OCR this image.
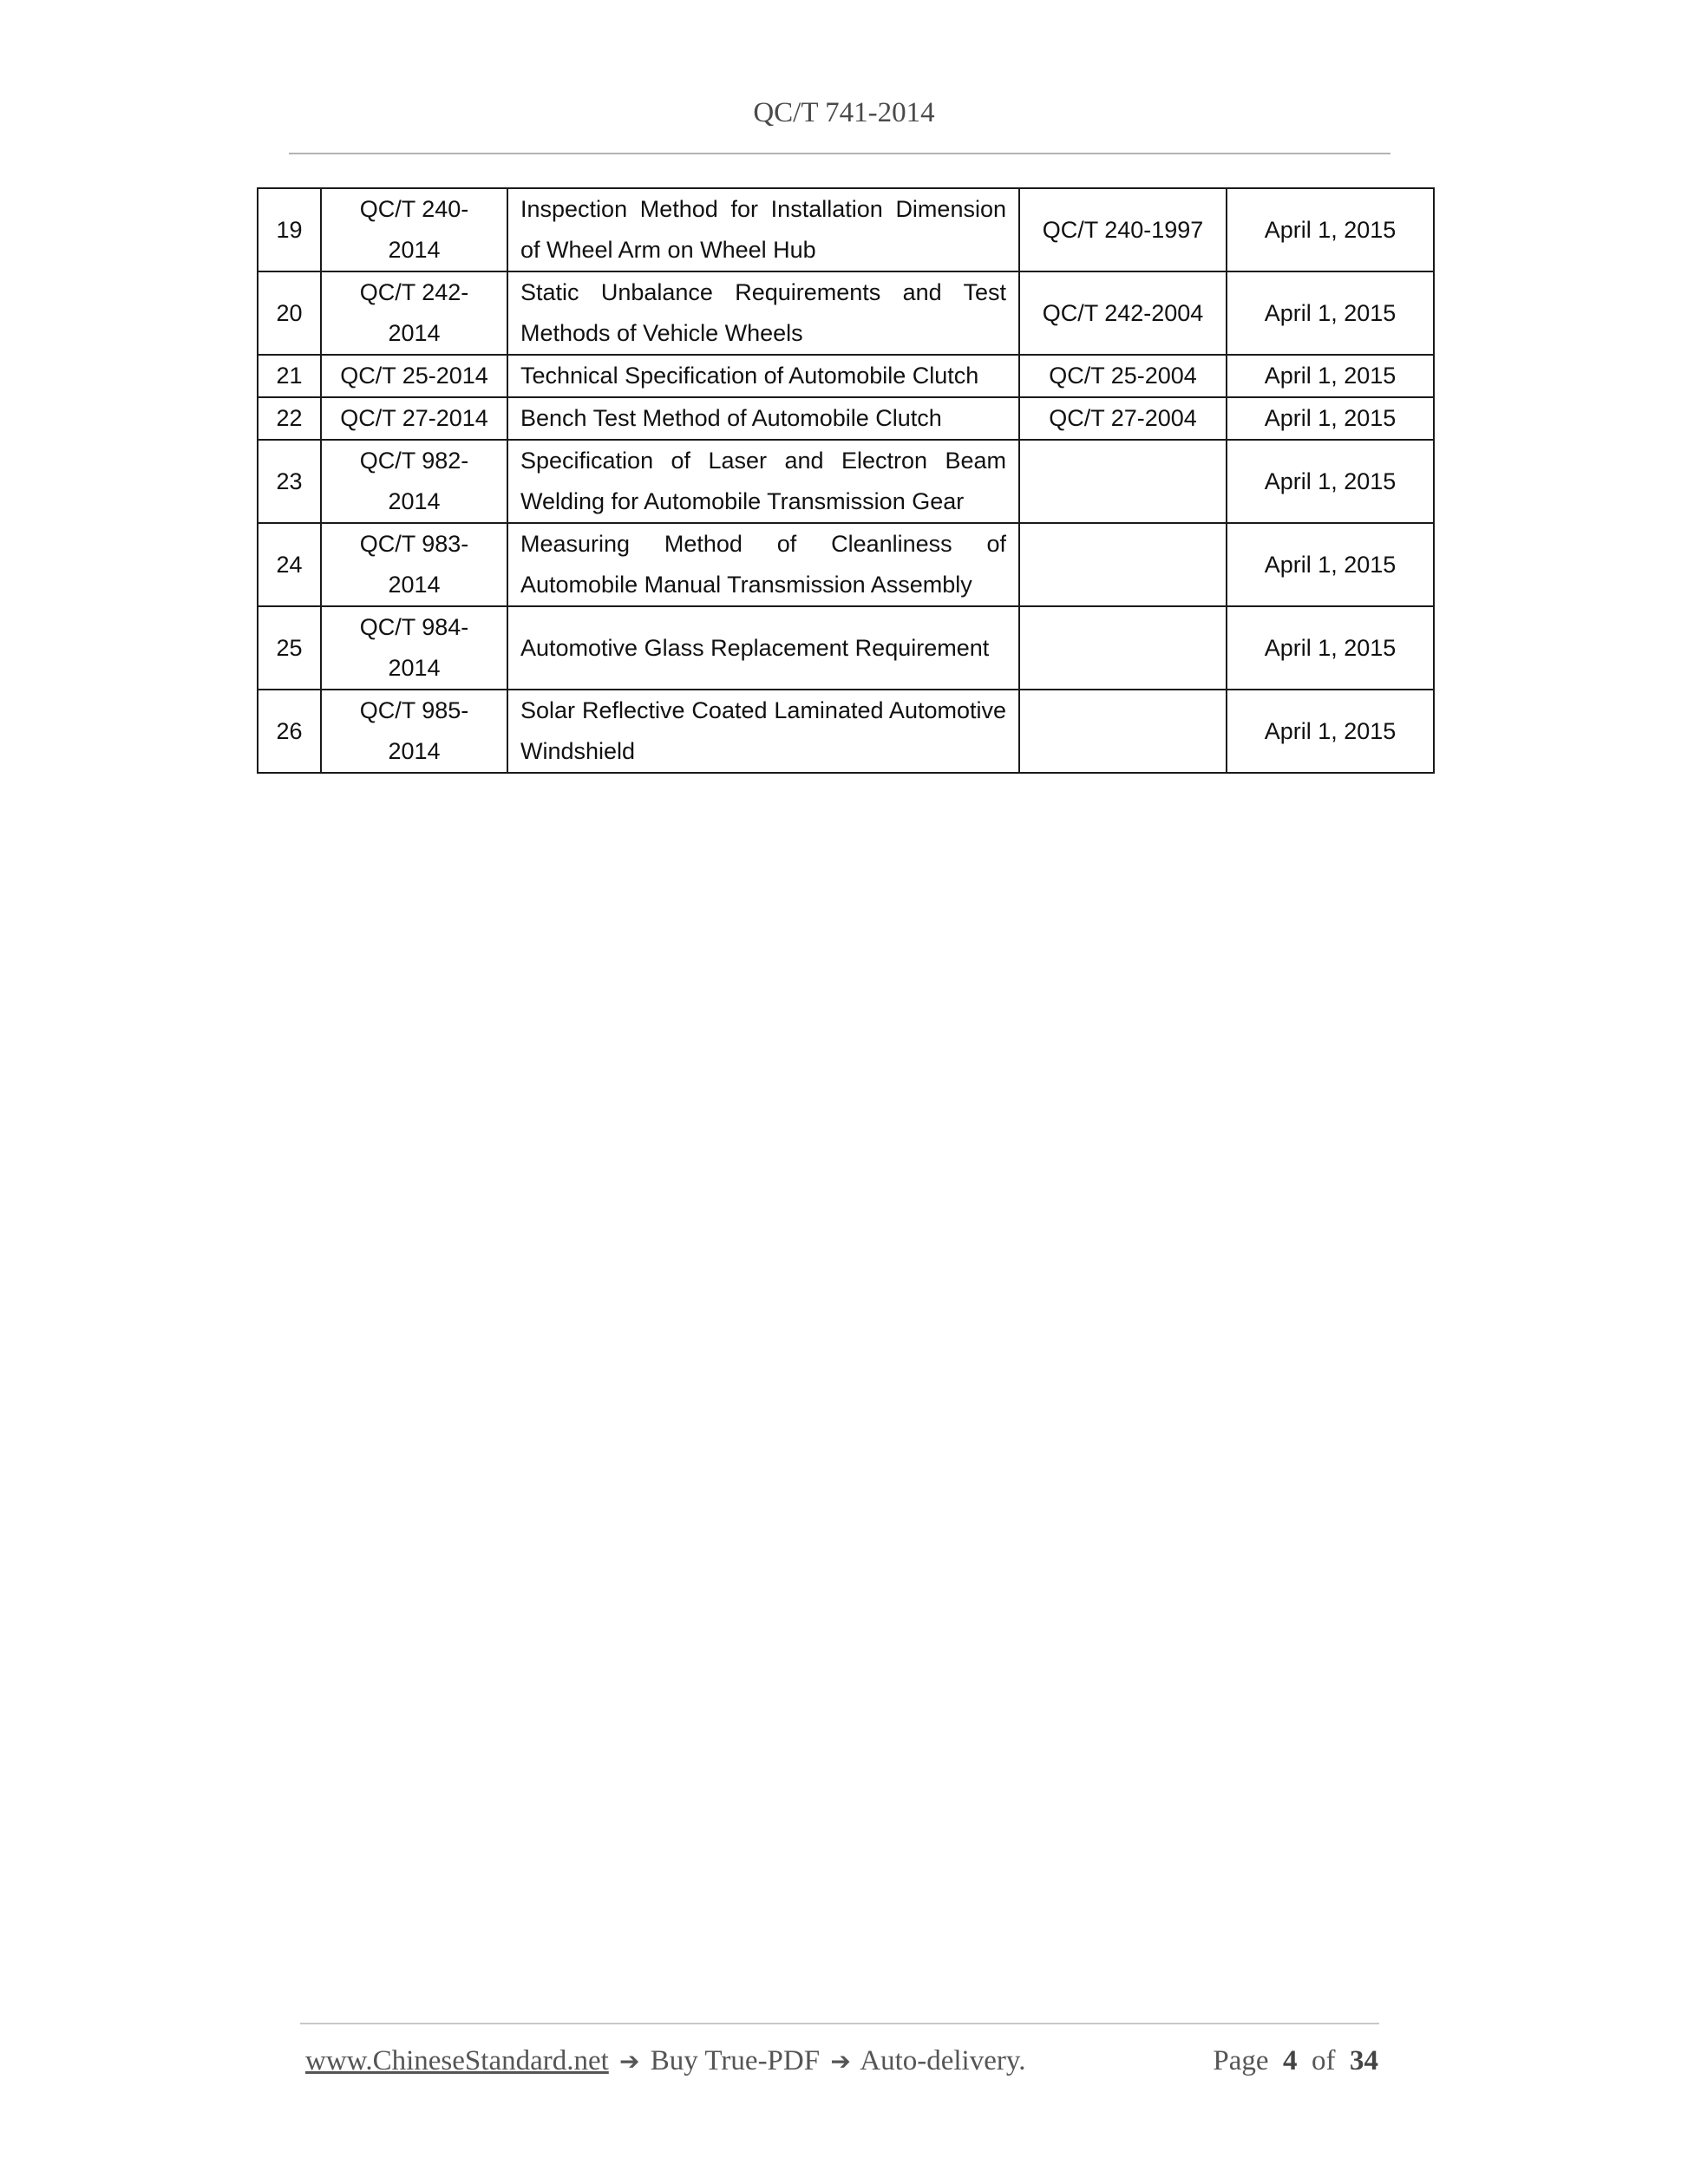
QC/T 741-2014
19	QC/T 240-2014	Inspection Method for Installation Dimension of Wheel Arm on Wheel Hub	QC/T 240-1997	April 1, 2015
20	QC/T 242-2014	Static Unbalance Requirements and Test Methods of Vehicle Wheels	QC/T 242-2004	April 1, 2015
21	QC/T 25-2014	Technical Specification of Automobile Clutch	QC/T 25-2004	April 1, 2015
22	QC/T 27-2014	Bench Test Method of Automobile Clutch	QC/T 27-2004	April 1, 2015
23	QC/T 982-2014	Specification of Laser and Electron Beam Welding for Automobile Transmission Gear		April 1, 2015
24	QC/T 983-2014	Measuring Method of Cleanliness of Automobile Manual Transmission Assembly		April 1, 2015
25	QC/T 984-2014	Automotive Glass Replacement Requirement		April 1, 2015
26	QC/T 985-2014	Solar Reflective Coated Laminated Automotive Windshield		April 1, 2015
www.ChineseStandard.net ➔ Buy True-PDF ➔ Auto-delivery.	Page 4 of 34
